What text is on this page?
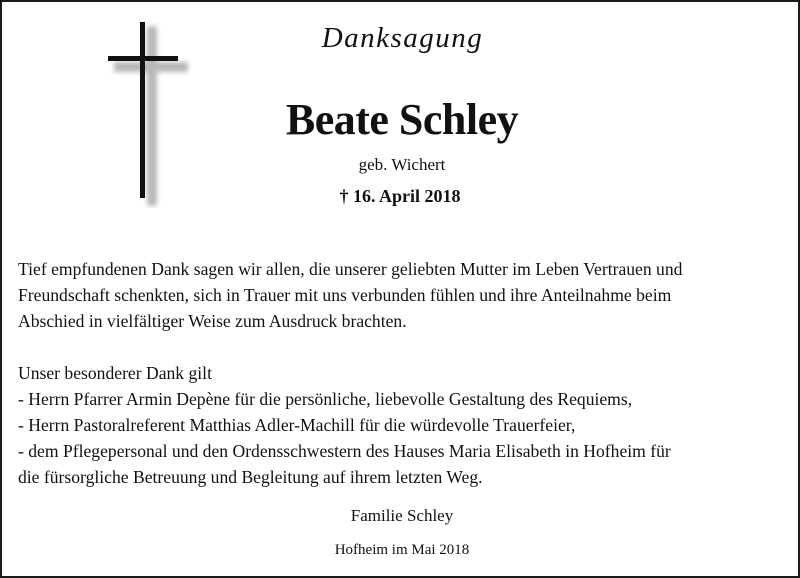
Danksagung
Beate Schley
geb. Wichert
† 16. April 2018

Tief empfundenen Dank sagen wir allen, die unserer geliebten Mutter im Leben Vertrauen und
Freundschaft schenkten, sich in Trauer mit uns verbunden fühlen und ihre Anteilnahme beim
Abschied in vielfältiger Weise zum Ausdruck brachten.

Unser besonderer Dank gilt

- Herrn Pfarrer Armin Depène für die persönliche, liebevolle Gestaltung des Requiems,
- Herrn Pastoralreferent Matthias Adler-Machill für die würdevolle Trauerfeier,
- dem Pflegepersonal und den Ordensschwestern des Hauses Maria Elisabeth in Hofheim für
die fürsorgliche Betreuung und Begleitung auf ihrem letzten Weg.
Familie Schley
Hofheim im Mai 2018
